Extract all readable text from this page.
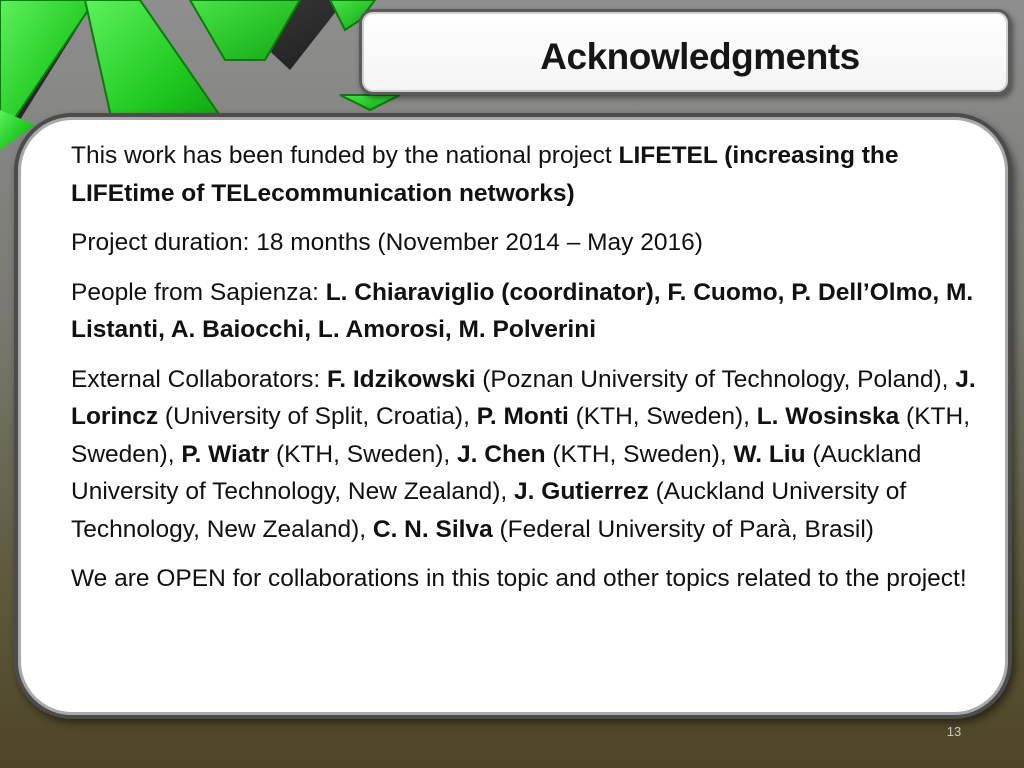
Acknowledgments

This work has been funded by the national project LIFETEL (increasing the LIFEtime of TELecommunication networks)

Project duration: 18 months (November 2014 – May 2016)

People from Sapienza: L. Chiaraviglio (coordinator), F. Cuomo, P. Dell’Olmo, M. Listanti, A. Baiocchi, L. Amorosi, M. Polverini

External Collaborators: F. Idzikowski (Poznan University of Technology, Poland), J. Lorincz (University of Split, Croatia), P. Monti (KTH, Sweden), L. Wosinska (KTH, Sweden), P. Wiatr (KTH, Sweden), J. Chen (KTH, Sweden), W. Liu (Auckland University of Technology, New Zealand), J. Gutierrez (Auckland University of Technology, New Zealand), C. N. Silva (Federal University of Parà, Brasil)

We are OPEN for collaborations in this topic and other topics related to the project!

13
